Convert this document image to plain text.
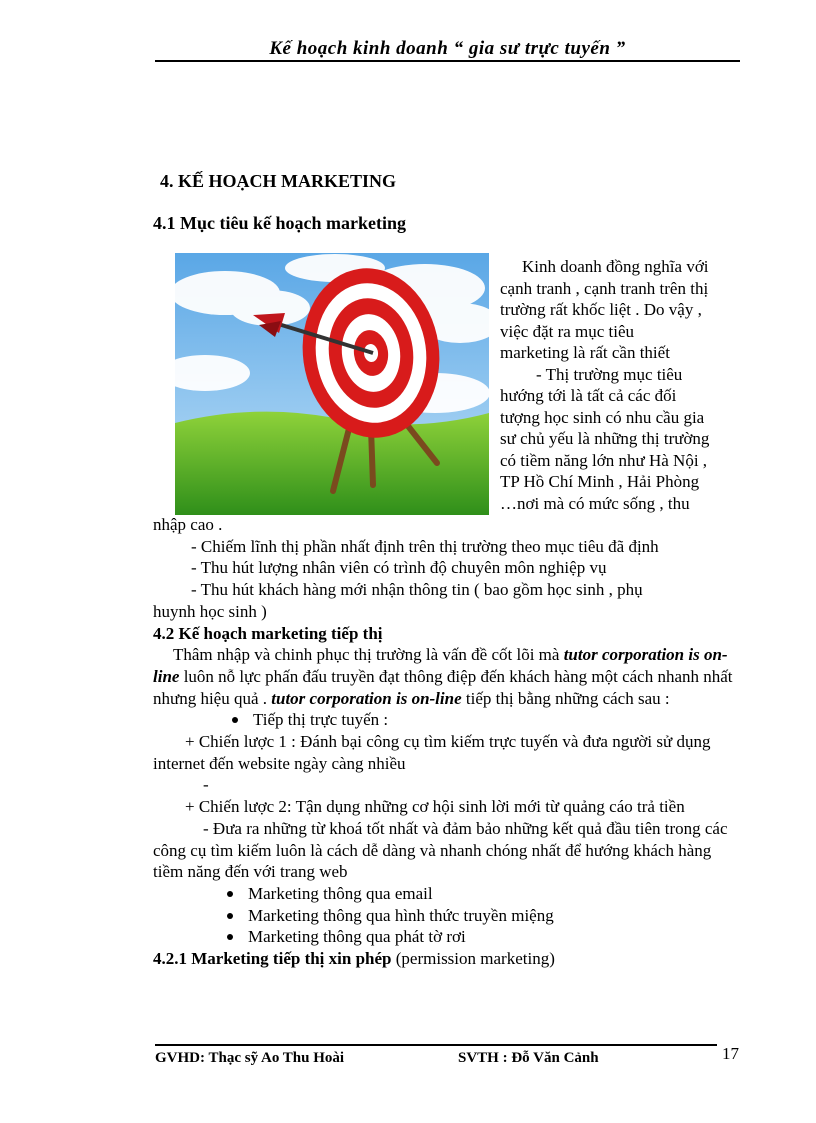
Kế hoạch kinh doanh “ gia sư trực tuyến ”
4. KẾ HOẠCH MARKETING
4.1 Mục tiêu kế hoạch marketing

Kinh doanh đồng nghĩa với

cạnh tranh , cạnh tranh trên thị

trường rất khốc liệt . Do vậy ,

việc đặt ra mục tiêu

marketing là rất cần thiết

- Thị trường mục tiêu

hướng tới là tất cả các đối

tượng học sinh có nhu cầu gia

sư chủ yếu là những thị trường

có tiềm năng lớn như Hà Nội ,

TP Hồ Chí Minh , Hải Phòng

…nơi mà có mức sống , thu

nhập cao .

- Chiếm lĩnh thị phần nhất định trên thị trường theo mục tiêu đã định

- Thu hút lượng nhân viên có trình độ chuyên môn nghiệp vụ

- Thu hút khách hàng mới nhận thông tin ( bao gồm học sinh , phụ

huynh học sinh )

4.2 Kế hoạch marketing tiếp thị

Thâm nhập và chinh phục thị trường là vấn đề cốt lõi mà tutor corporation is on-line luôn nỗ lực phấn đấu truyền đạt thông điệp đến khách hàng một cách nhanh nhất nhưng hiệu quả . tutor corporation is on-line tiếp thị bằng những cách sau :

Tiếp thị trực tuyến :

+ Chiến lược 1 : Đánh bại công cụ tìm kiếm trực tuyến và đưa người sử dụng internet đến website ngày càng nhiều

-

+ Chiến lược 2: Tận dụng những cơ hội sinh lời mới từ quảng cáo trả tiền

- Đưa ra những từ khoá tốt nhất và đảm bảo những kết quả đầu tiên trong các công cụ tìm kiếm luôn là cách dễ dàng và nhanh chóng nhất để hướng khách hàng tiềm năng đến với trang web

Marketing thông qua email
Marketing thông qua hình thức truyền miệng
Marketing thông qua phát tờ rơi

4.2.1 Marketing tiếp thị xin phép (permission marketing)

GVHD: Thạc sỹ Ao Thu Hoài	SVTH : Đỗ Văn Cảnh	17
